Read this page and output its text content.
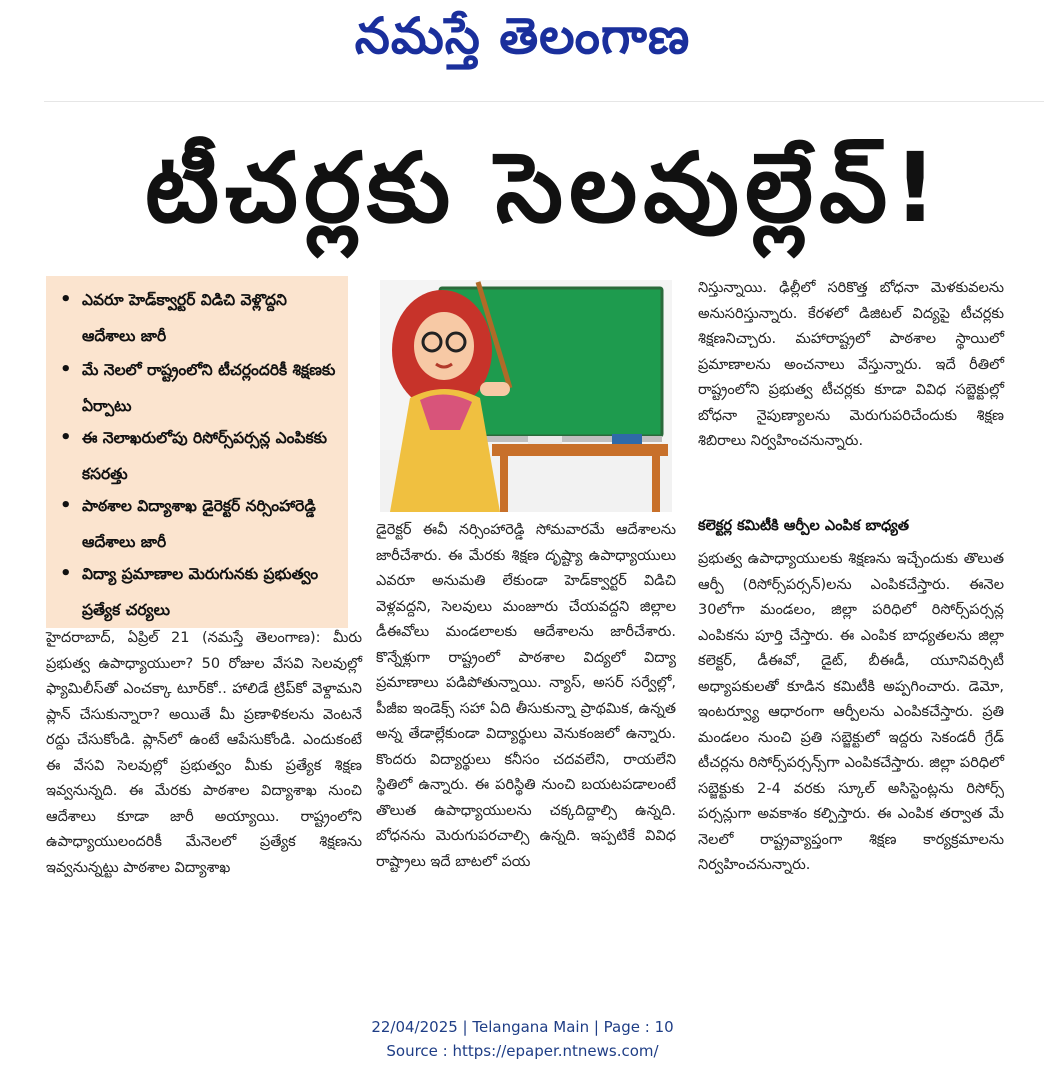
నమస్తే తెలంగాణ
టీచర్లకు సెలవుల్లేవ్!
• ఎవరూ హెడ్‌క్వార్టర్ విడిచి వెళ్లొద్దని ఆదేశాలు జారీ
• మే నెలలో రాష్ట్రంలోని టీచర్లందరికీ శిక్షణకు ఏర్పాటు
• ఈ నెలాఖరులోపు రిసోర్స్‌పర్సన్ల ఎంపికకు కసరత్తు
• పాఠశాల విద్యాశాఖ డైరెక్టర్ నర్సింహారెడ్డి ఆదేశాలు జారీ
• విద్యా ప్రమాణాల మెరుగునకు ప్రభుత్వం ప్రత్యేక చర్యలు

హైదరాబాద్, ఏప్రిల్ 21 (నమస్తే తెలంగాణ): మీరు ప్రభుత్వ ఉపాధ్యాయులా? 50 రోజుల వేసవి సెలవుల్లో ఫ్యామిలీస్‌తో ఎంచక్కా టూర్‌కో.. హాలిడే ట్రిప్‌కో వెళ్దామని ప్లాన్ చేసుకున్నారా? అయితే మీ ప్రణాళికలను వెంటనే రద్దు చేసుకోండి. ప్లాన్‌లో ఉంటే ఆపేసుకోండి. ఎందుకంటే ఈ వేసవి సెలవుల్లో ప్రభుత్వం మీకు ప్రత్యేక శిక్షణ ఇవ్వనున్నది. ఈ మేరకు పాఠశాల విద్యాశాఖ నుంచి ఆదేశాలు కూడా జారీ అయ్యాయి. రాష్ట్రంలోని ఉపాధ్యాయులందరికీ మేనెలలో ప్రత్యేక శిక్షణను ఇవ్వనున్నట్టు పాఠశాల విద్యాశాఖ

డైరెక్టర్ ఈవీ నర్సింహారెడ్డి సోమవారమే ఆదేశాలను జారీచేశారు. ఈ మేరకు శిక్షణ దృష్ట్యా ఉపాధ్యాయులు ఎవరూ అనుమతి లేకుండా హెడ్‌క్వార్టర్ విడిచి వెళ్లవద్దని, సెలవులు మంజూరు చేయవద్దని జిల్లాల డీఈవోలు మండలాలకు ఆదేశాలను జారీచేశారు. కొన్నేళ్లుగా రాష్ట్రంలో పాఠశాల విద్యలో విద్యా ప్రమాణాలు పడిపోతున్నాయి. న్యాస్, అసర్ సర్వేల్లో, పీజీఐ ఇండెక్స్ సహా ఏది తీసుకున్నా ప్రాథమిక, ఉన్నత అన్న తేడాల్లేకుండా విద్యార్థులు వెనుకంజలో ఉన్నారు. కొందరు విద్యార్థులు కనీసం చదవలేని, రాయలేని స్థితిలో ఉన్నారు. ఈ పరిస్థితి నుంచి బయటపడాలంటే తొలుత ఉపాధ్యాయులను చక్కదిద్దాల్సి ఉన్నది. బోధనను మెరుగుపరచాల్సి ఉన్నది. ఇప్పటికే వివిధ రాష్ట్రాలు ఇదే బాటలో పయ

నిస్తున్నాయి. ఢిల్లీలో సరికొత్త బోధనా మెళకువలను అనుసరిస్తున్నారు. కేరళలో డిజిటల్ విద్యపై టీచర్లకు శిక్షణనిచ్చారు. మహారాష్ట్రలో పాఠశాల స్థాయిలో ప్రమాణాలను అంచనాలు వేస్తున్నారు. ఇదే రీతిలో రాష్ట్రంలోని ప్రభుత్వ టీచర్లకు కూడా వివిధ సబ్జెక్టుల్లో బోధనా నైపుణ్యాలను మెరుగుపరిచేందుకు శిక్షణ శిబిరాలు నిర్వహించనున్నారు.

కలెక్టర్ల కమిటీకి ఆర్పీల ఎంపిక బాధ్యత

ప్రభుత్వ ఉపాధ్యాయులకు శిక్షణను ఇచ్చేందుకు తొలుత ఆర్పీ (రిసోర్స్‌పర్సన్)లను ఎంపికచేస్తారు. ఈనెల 30లోగా మండలం, జిల్లా పరిధిలో రిసోర్స్‌పర్సన్ల ఎంపికను పూర్తి చేస్తారు. ఈ ఎంపిక బాధ్యతలను జిల్లా కలెక్టర్, డీఈవో, డైట్, బీఈడీ, యూనివర్సిటీ అధ్యాపకులతో కూడిన కమిటీకి అప్పగించారు. డెమో, ఇంటర్వ్యూ ఆధారంగా ఆర్పీలను ఎంపికచేస్తారు. ప్రతి మండలం నుంచి ప్రతి సబ్జెక్టులో ఇద్దరు సెకండరీ గ్రేడ్ టీచర్లను రిసోర్స్‌పర్సన్స్‌గా ఎంపికచేస్తారు. జిల్లా పరిధిలో సబ్జెక్టుకు 2-4 వరకు స్కూల్ అసిస్టెంట్లను రిసోర్స్ పర్సన్లుగా అవకాశం కల్పిస్తారు. ఈ ఎంపిక తర్వాత మే నెలలో రాష్ట్రవ్యాప్తంగా శిక్షణ కార్యక్రమాలను నిర్వహించనున్నారు.

22/04/2025 | Telangana Main | Page : 10
Source : https://epaper.ntnews.com/
